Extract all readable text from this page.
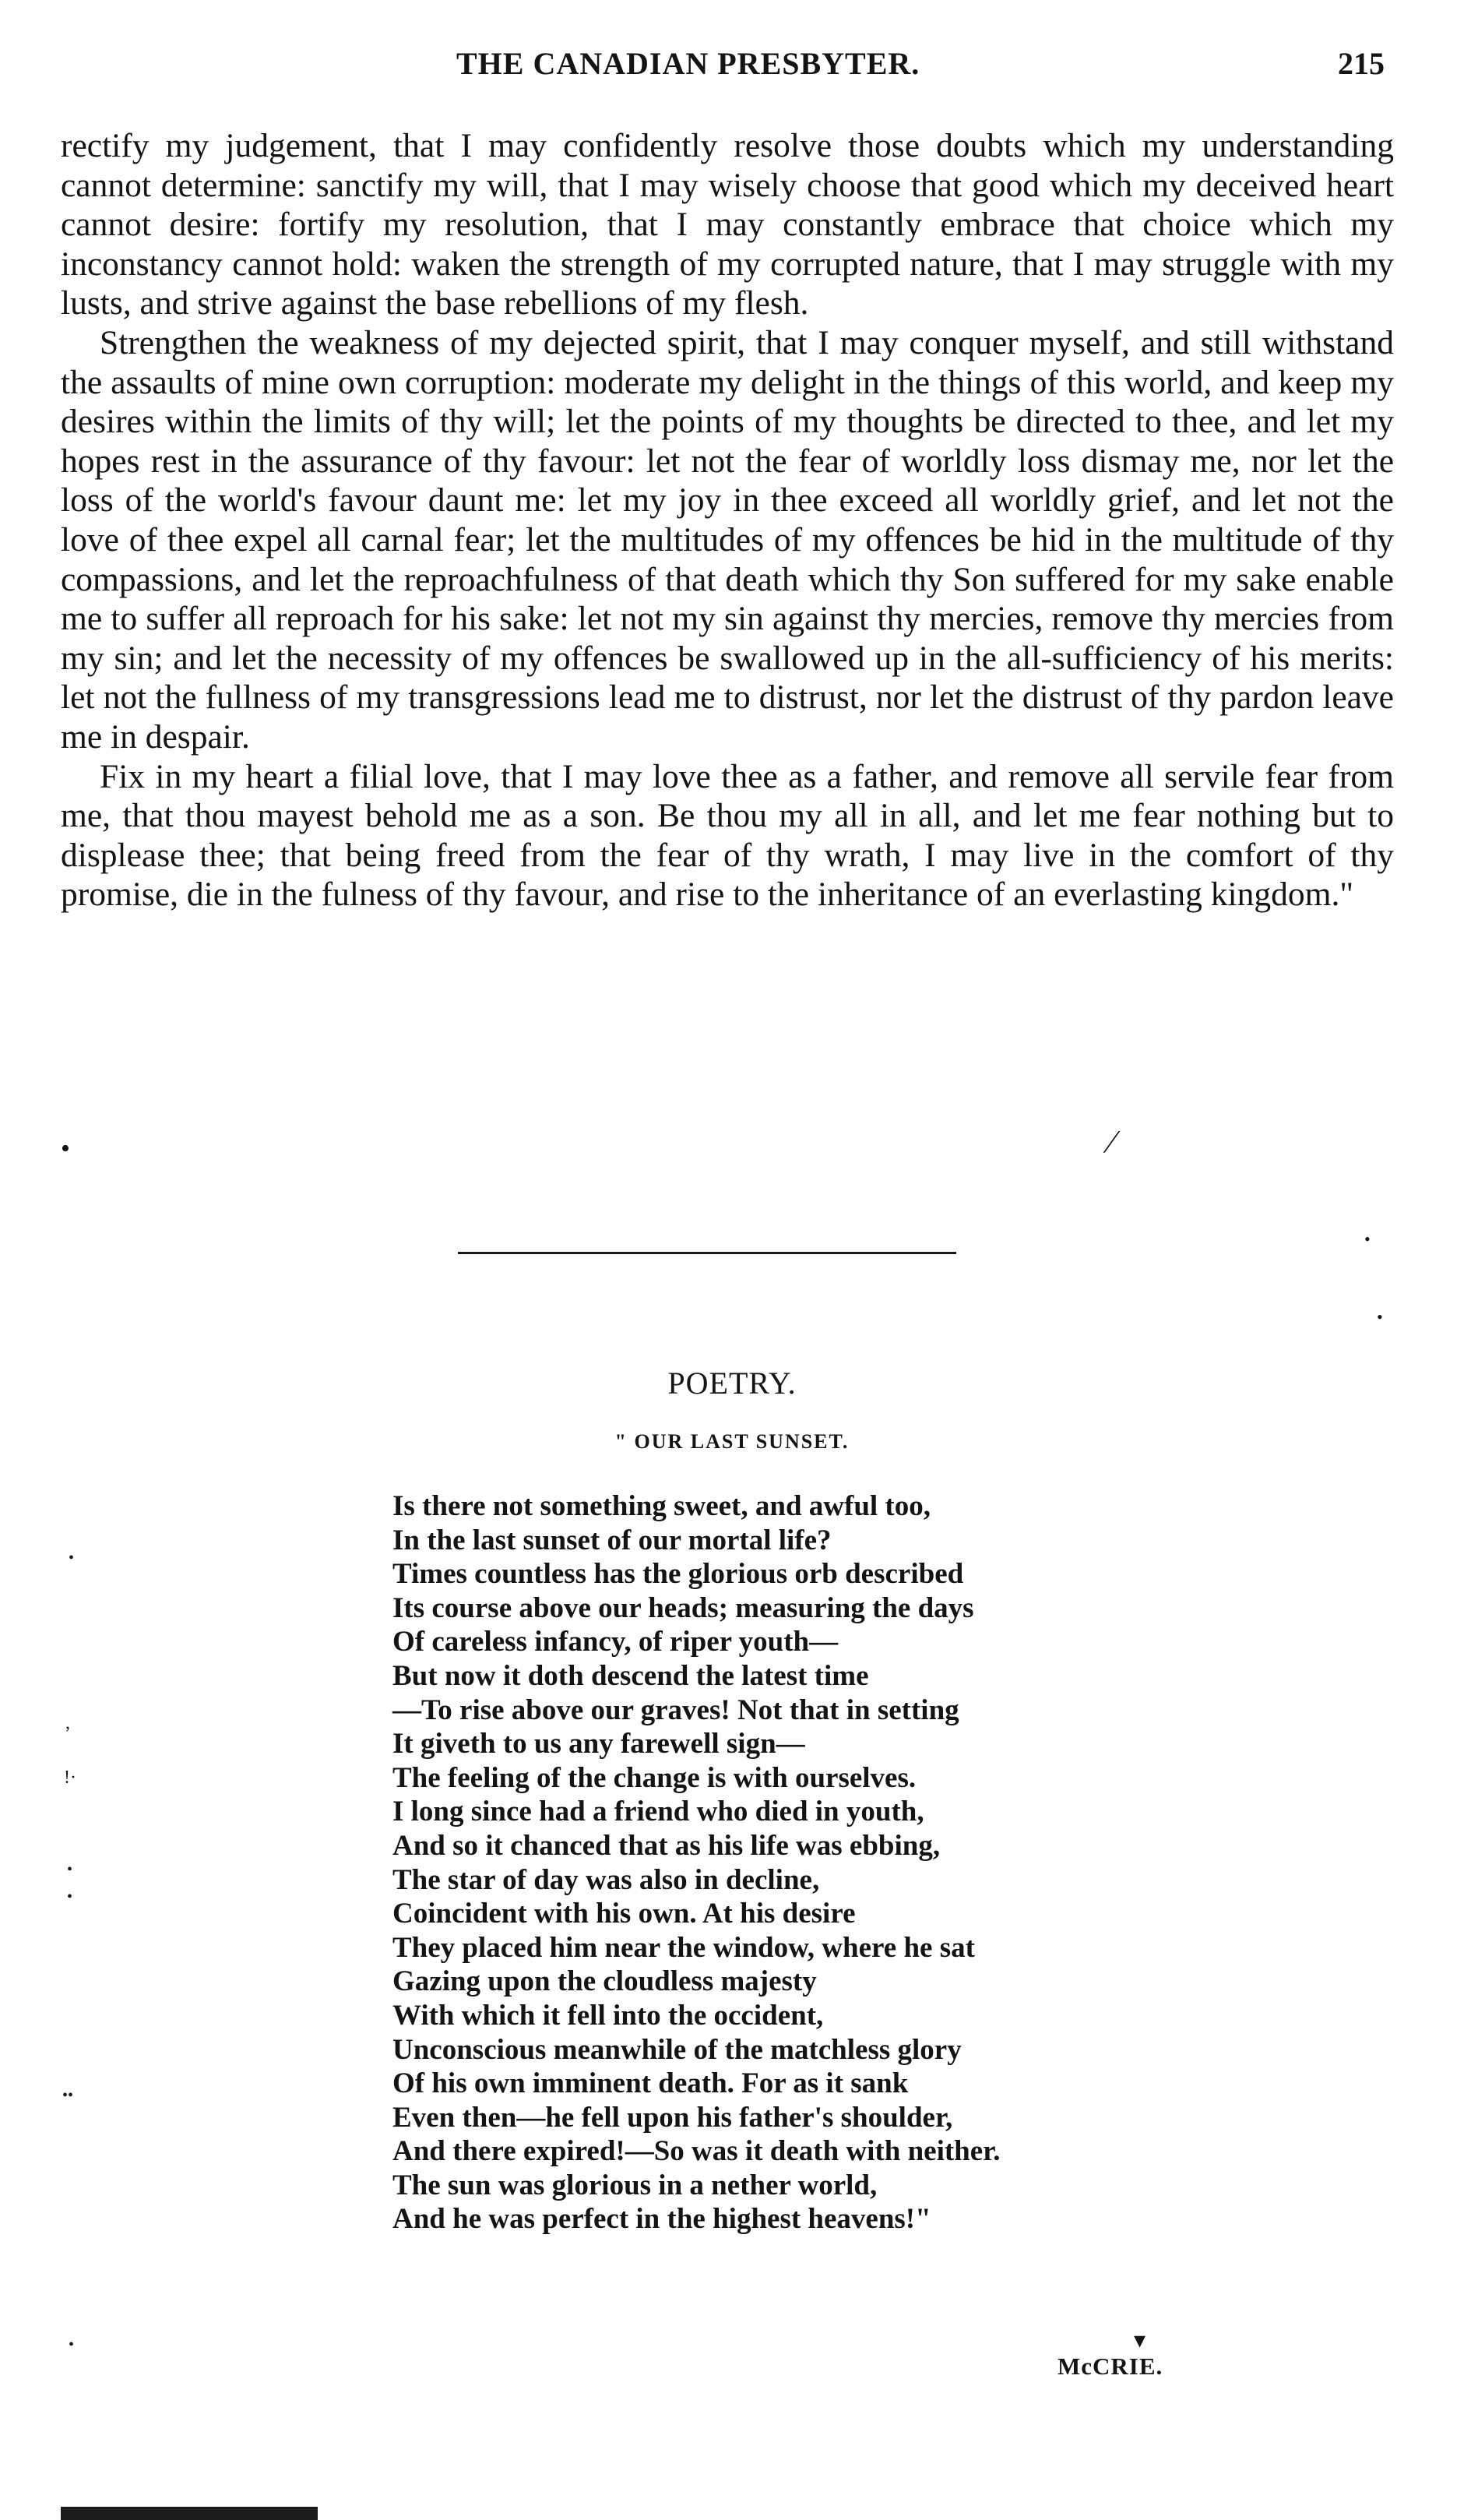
THE CANADIAN PRESBYTER.	215

rectify my judgement, that I may confidently resolve those doubts which my understanding cannot determine: sanctify my will, that I may wisely choose that good which my deceived heart cannot desire: fortify my resolution, that I may constantly embrace that choice which my inconstancy cannot hold: waken the strength of my corrupted nature, that I may struggle with my lusts, and strive against the base rebellions of my flesh.

Strengthen the weakness of my dejected spirit, that I may conquer myself, and still withstand the assaults of mine own corruption: moderate my delight in the things of this world, and keep my desires within the limits of thy will; let the points of my thoughts be directed to thee, and let my hopes rest in the assurance of thy favour: let not the fear of worldly loss dismay me, nor let the loss of the world's favour daunt me: let my joy in thee exceed all worldly grief, and let not the love of thee expel all carnal fear; let the multitudes of my offences be hid in the multitude of thy compassions, and let the reproachfulness of that death which thy Son suffered for my sake enable me to suffer all reproach for his sake: let not my sin against thy mercies, remove thy mercies from my sin; and let the necessity of my offences be swallowed up in the all-sufficiency of his merits: let not the fullness of my transgressions lead me to distrust, nor let the distrust of thy pardon leave me in despair.

Fix in my heart a filial love, that I may love thee as a father, and remove all servile fear from me, that thou mayest behold me as a son. Be thou my all in all, and let me fear nothing but to displease thee; that being freed from the fear of thy wrath, I may live in the comfort of thy promise, die in the fulness of thy favour, and rise to the inheritance of an everlasting kingdom."

•	⁄
•
•
•
,
!·
•
•
••
•	▾
POETRY.
" OUR LAST SUNSET.
Is there not something sweet, and awful too,
In the last sunset of our mortal life?
Times countless has the glorious orb described
Its course above our heads; measuring the days
Of careless infancy, of riper youth—
But now it doth descend the latest time
—To rise above our graves! Not that in setting
It giveth to us any farewell sign—
The feeling of the change is with ourselves.
I long since had a friend who died in youth,
And so it chanced that as his life was ebbing,
The star of day was also in decline,
Coincident with his own. At his desire
They placed him near the window, where he sat
Gazing upon the cloudless majesty
With which it fell into the occident,
Unconscious meanwhile of the matchless glory
Of his own imminent death. For as it sank
Even then—he fell upon his father's shoulder,
And there expired!—So was it death with neither.
The sun was glorious in a nether world,
And he was perfect in the highest heavens!"
McCRIE.
